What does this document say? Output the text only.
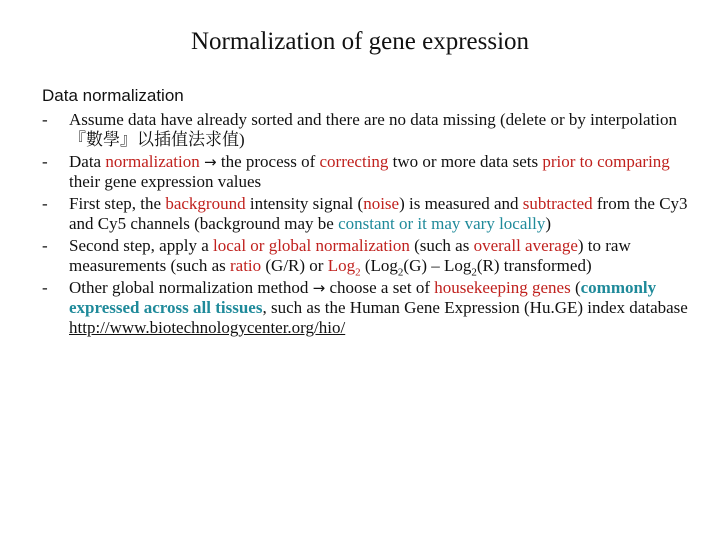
Normalization of gene expression
Data normalization
-	Assume data have already sorted and there are no data missing (delete or by interpolation『數學』以插值法求值)
-	Data normalization → the process of correcting two or more data sets prior to comparing their gene expression values
-	First step, the background intensity signal (noise) is measured and subtracted from the Cy3 and Cy5 channels (background may be constant or it may vary locally)
-	Second step, apply a local or global normalization (such as overall average) to raw measurements (such as ratio (G/R) or Log$_2$ (Log$_2$(G) – Log$_2$(R) transformed)
-	Other global normalization method → choose a set of housekeeping genes (commonly expressed across all tissues, such as the Human Gene Expression (Hu.GE) index database http://www.biotechnologycenter.org/hio/
